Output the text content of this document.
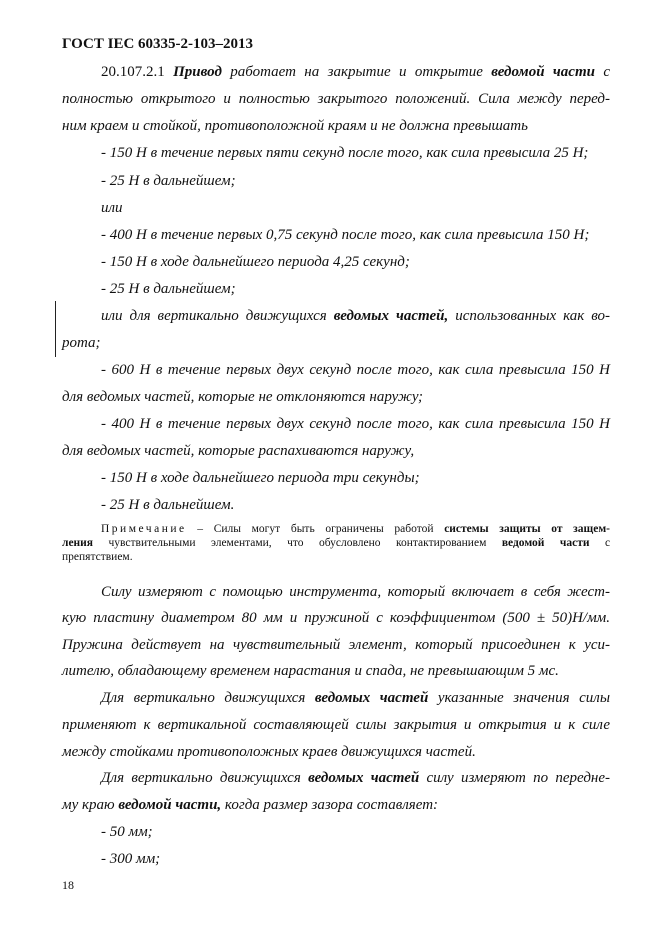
ГОСТ IEC 60335-2-103–2013
20.107.2.1 Привод работает на закрытие и открытие ведомой части с
полностью открытого и полностью закрытого положений. Сила между перед-
ним краем и стойкой, противоположной краям и не должна превышать
- 150 Н в течение первых пяти секунд после того, как сила превысила 25 Н;
- 25 Н в дальнейшем;
или
- 400 Н в течение первых 0,75 секунд после того, как сила превысила 150 Н;
- 150 Н в ходе дальнейшего периода 4,25 секунд;
- 25 Н в дальнейшем;
или для вертикально движущихся ведомых частей, использованных как во-
рота;
- 600 Н в течение первых двух секунд после того, как сила превысила 150 Н
для ведомых частей, которые не отклоняются наружу;
- 400 Н в течение первых двух секунд после того, как сила превысила 150 Н
для ведомых частей, которые распахиваются наружу,
- 150 Н в ходе дальнейшего периода три секунды;
- 25 Н в дальнейшем.
Примечание – Силы могут быть ограничены работой системы защиты от защем-
ления чувствительными элементами, что обусловлено контактированием ведомой части с
препятствием.
Силу измеряют с помощью инструмента, который включает в себя жест-
кую пластину диаметром 80 мм и пружиной с коэффициентом (500 ± 50)Н/мм.
Пружина действует на чувствительный элемент, который присоединен к уси-
лителю, обладающему временем нарастания и спада, не превышающим 5 мс.
Для вертикально движущихся ведомых частей указанные значения силы
применяют к вертикальной составляющей силы закрытия и открытия и к силе
между стойками противоположных краев движущихся частей.
Для вертикально движущихся ведомых частей силу измеряют по передне-
му краю ведомой части, когда размер зазора составляет:
- 50 мм;
- 300 мм;
18
